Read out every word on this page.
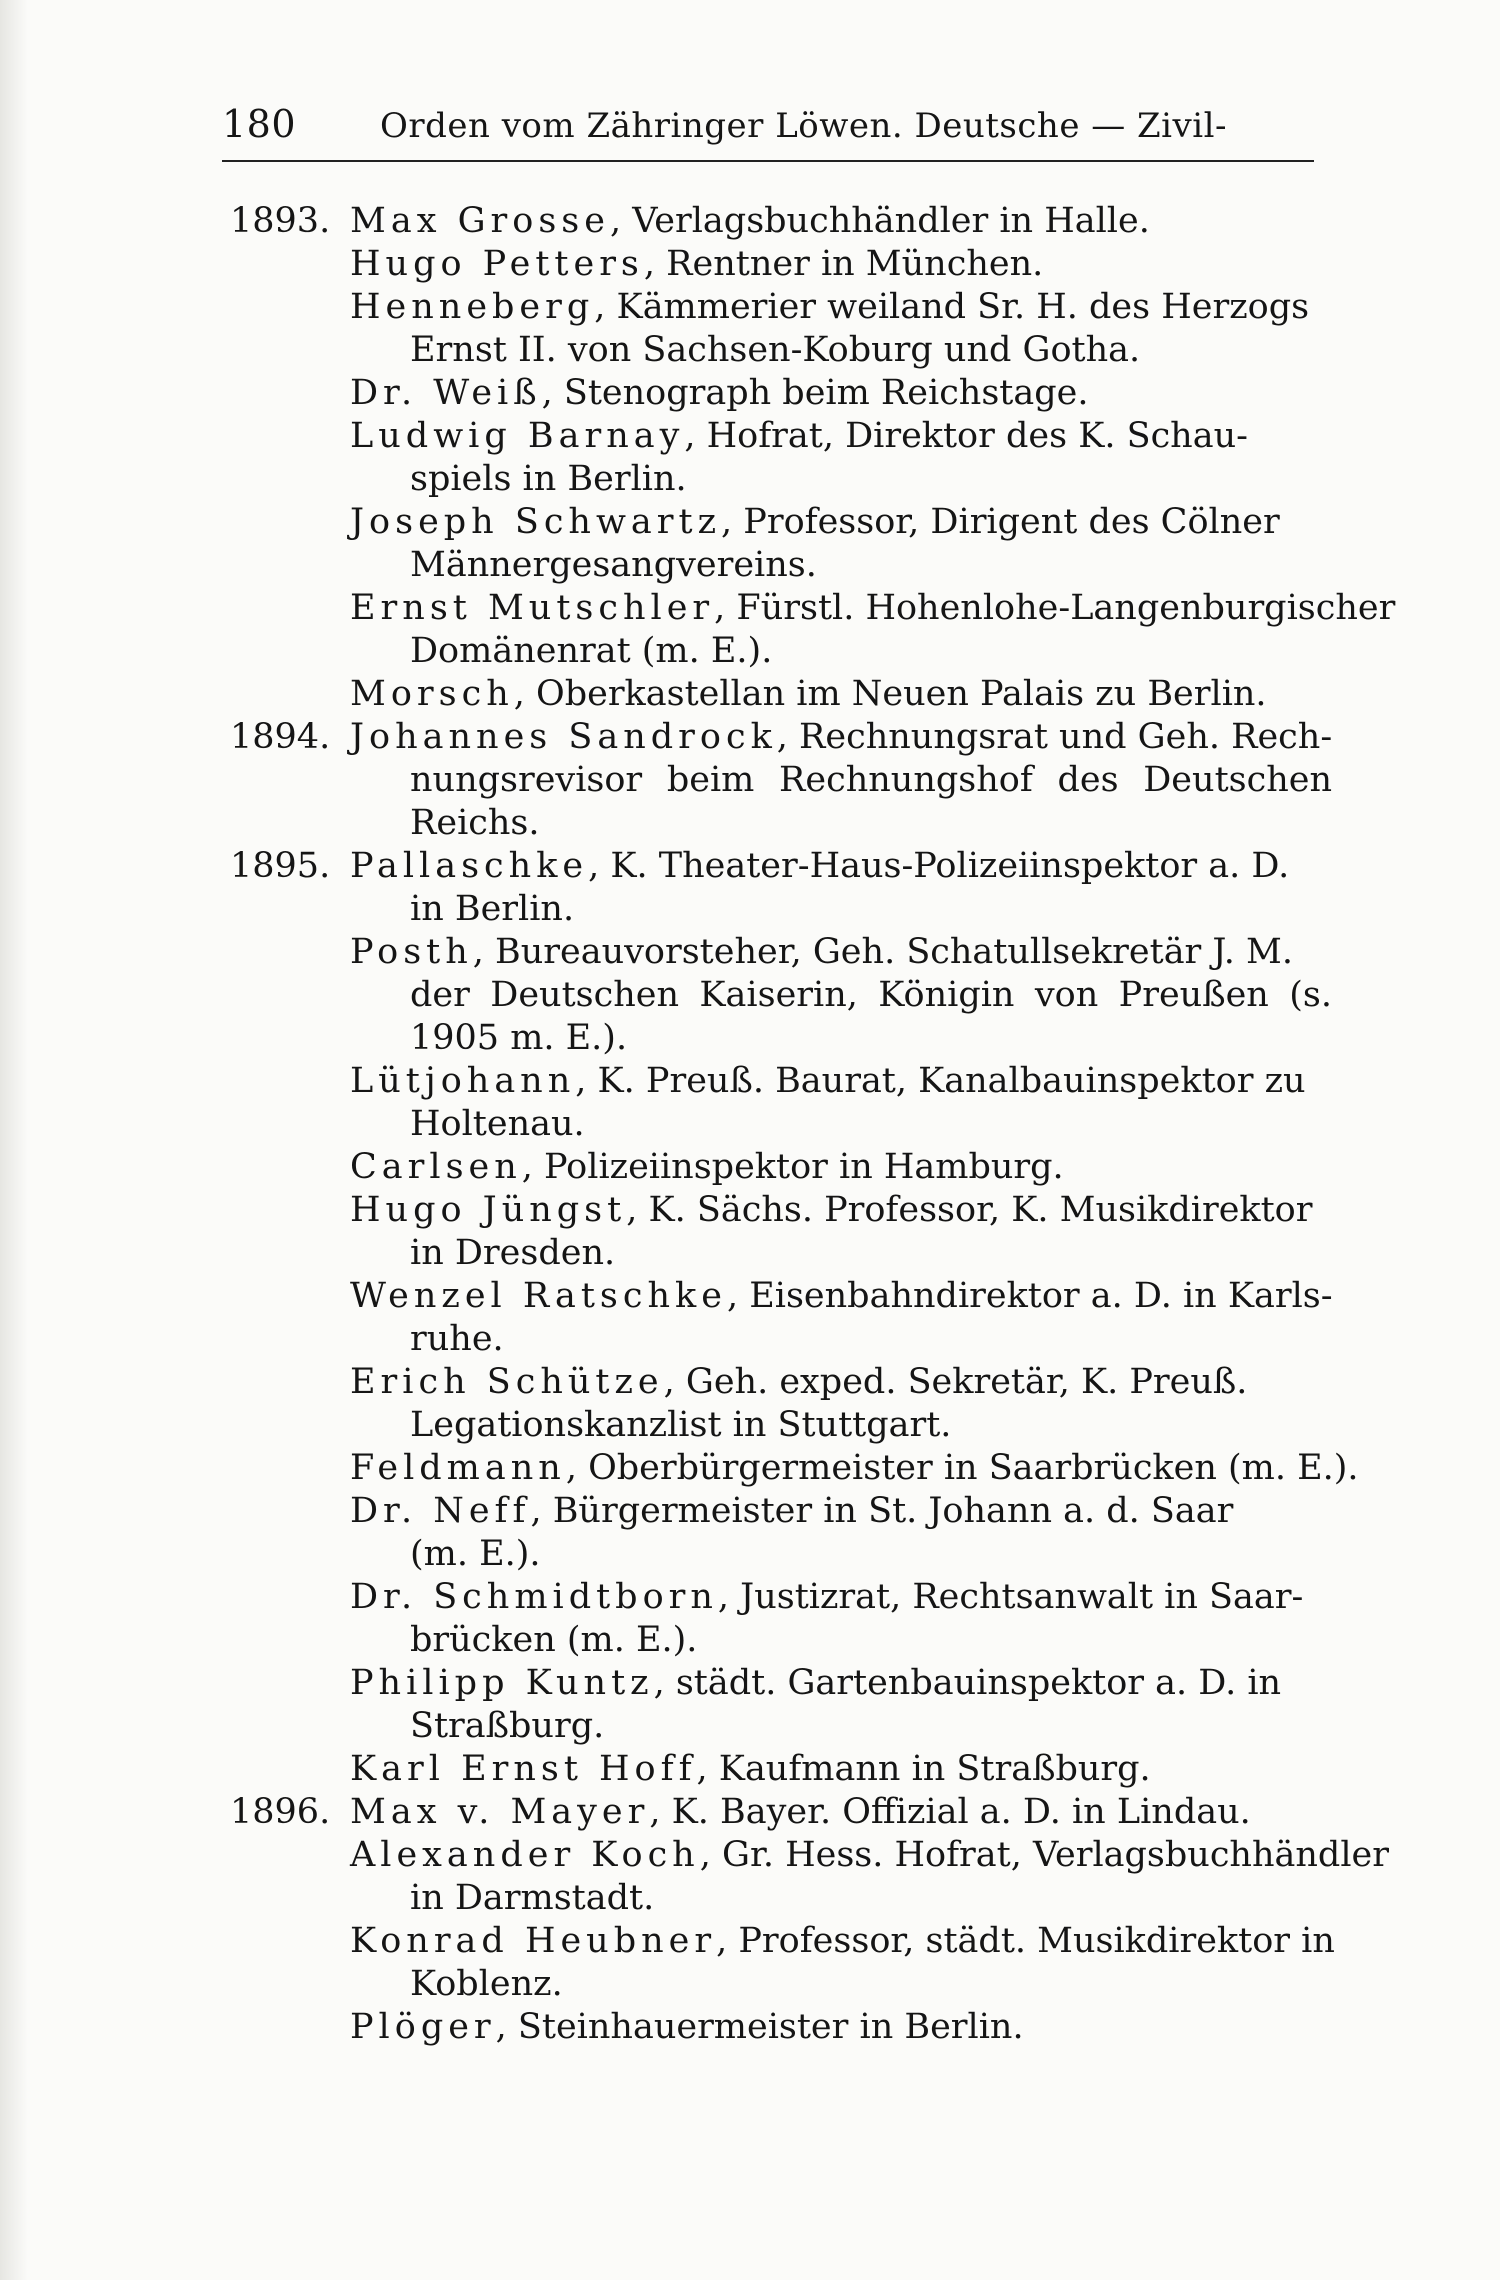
180 Orden vom Zähringer Löwen. Deutsche — Zivil-
1893. Max Grosse, Verlagsbuchhändler in Halle.
Hugo Petters, Rentner in München.
Henneberg, Kämmerier weiland Sr. H. des Herzogs
Ernst II. von Sachsen-Koburg und Gotha.
Dr. Weiß, Stenograph beim Reichstage.
Ludwig Barnay, Hofrat, Direktor des K. Schau-
spiels in Berlin.
Joseph Schwartz, Professor, Dirigent des Cölner
Männergesangvereins.
Ernst Mutschler, Fürstl. Hohenlohe-Langenburgischer
Domänenrat (m. E.).
Morsch, Oberkastellan im Neuen Palais zu Berlin.
1894. Johannes Sandrock, Rechnungsrat und Geh. Rech-
nungsrevisor beim Rechnungshof des Deutschen Reichs.
1895. Pallaschke, K. Theater-Haus-Polizeiinspektor a. D.
in Berlin.
Posth, Bureauvorsteher, Geh. Schatullsekretär J. M.
der Deutschen Kaiserin, Königin von Preußen (s. 1905 m. E.).
Lütjohann, K. Preuß. Baurat, Kanalbauinspektor zu
Holtenau.
Carlsen, Polizeiinspektor in Hamburg.
Hugo Jüngst, K. Sächs. Professor, K. Musikdirektor
in Dresden.
Wenzel Ratschke, Eisenbahndirektor a. D. in Karls-
ruhe.
Erich Schütze, Geh. exped. Sekretär, K. Preuß.
Legationskanzlist in Stuttgart.
Feldmann, Oberbürgermeister in Saarbrücken (m. E.).
Dr. Neff, Bürgermeister in St. Johann a. d. Saar
(m. E.).
Dr. Schmidtborn, Justizrat, Rechtsanwalt in Saar-
brücken (m. E.).
Philipp Kuntz, städt. Gartenbauinspektor a. D. in
Straßburg.
Karl Ernst Hoff, Kaufmann in Straßburg.
1896. Max v. Mayer, K. Bayer. Offizial a. D. in Lindau.
Alexander Koch, Gr. Hess. Hofrat, Verlagsbuchhändler
in Darmstadt.
Konrad Heubner, Professor, städt. Musikdirektor in
Koblenz.
Plöger, Steinhauermeister in Berlin.
